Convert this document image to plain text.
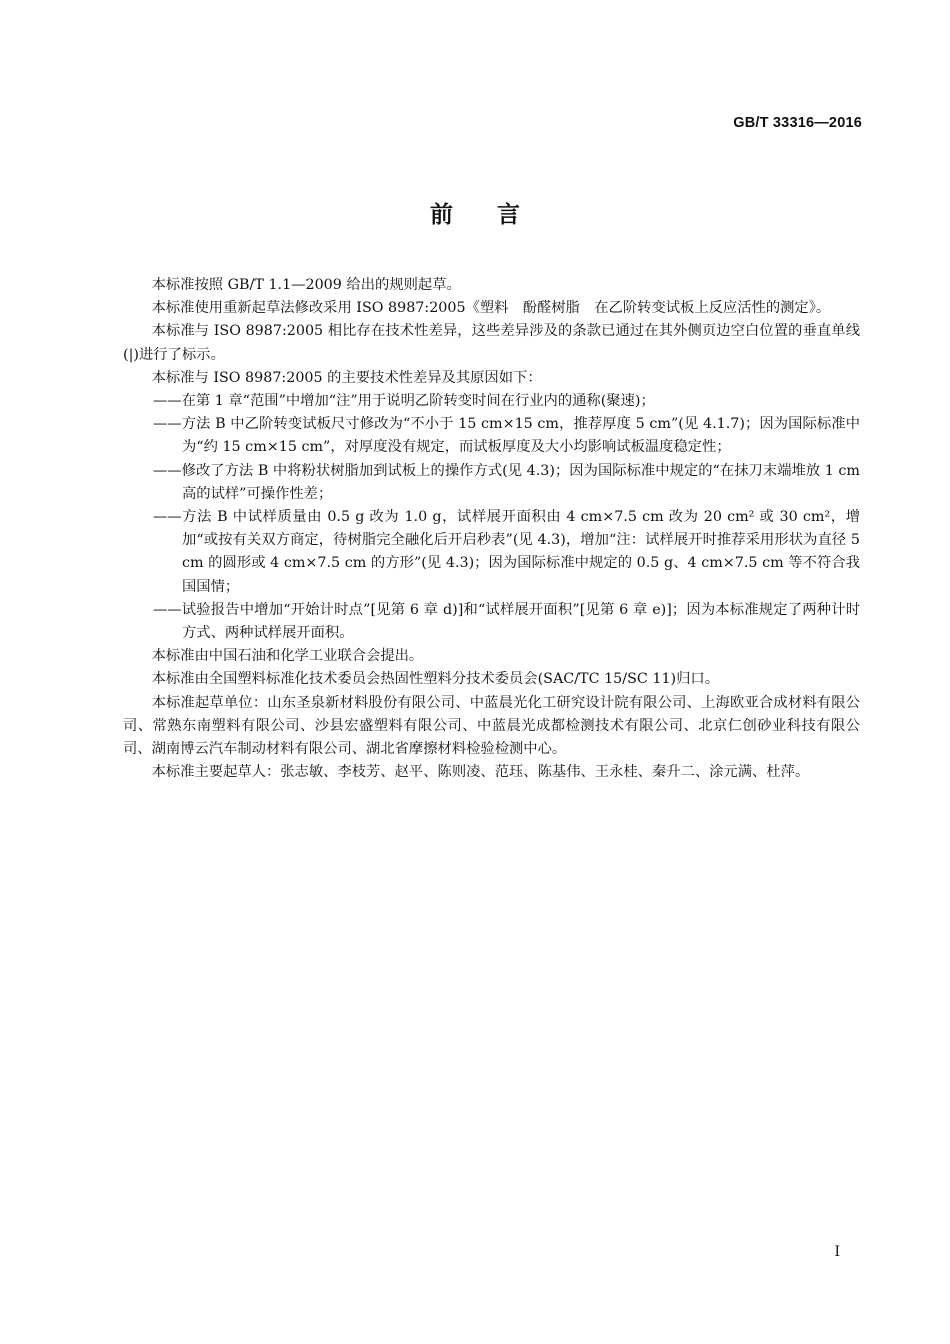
GB/T 33316—2016
前言

本标准按照 GB/T 1.1—2009 给出的规则起草。

本标准使用重新起草法修改采用 ISO 8987:2005《塑料　酚醛树脂　在乙阶转变试板上反应活性的测定》。

本标准与 ISO 8987:2005 相比存在技术性差异，这些差异涉及的条款已通过在其外侧页边空白位置的垂直单线(|)进行了标示。

本标准与 ISO 8987:2005 的主要技术性差异及其原因如下：

——在第 1 章“范围”中增加“注”用于说明乙阶转变时间在行业内的通称(聚速)；

——方法 B 中乙阶转变试板尺寸修改为“不小于 15 cm×15 cm，推荐厚度 5 cm”(见 4.1.7)；因为国际标准中为“约 15 cm×15 cm”，对厚度没有规定，而试板厚度及大小均影响试板温度稳定性；

——修改了方法 B 中将粉状树脂加到试板上的操作方式(见 4.3)；因为国际标准中规定的“在抹刀末端堆放 1 cm 高的试样”可操作性差；

——方法 B 中试样质量由 0.5 g 改为 1.0 g，试样展开面积由 4 cm×7.5 cm 改为 20 cm² 或 30 cm²，增加“或按有关双方商定，待树脂完全融化后开启秒表”(见 4.3)，增加“注：试样展开时推荐采用形状为直径 5 cm 的圆形或 4 cm×7.5 cm 的方形”(见 4.3)；因为国际标准中规定的 0.5 g、4 cm×7.5 cm 等不符合我国国情；

——试验报告中增加“开始计时点”[见第 6 章 d)]和“试样展开面积”[见第 6 章 e)]；因为本标准规定了两种计时方式、两种试样展开面积。

本标准由中国石油和化学工业联合会提出。

本标准由全国塑料标准化技术委员会热固性塑料分技术委员会(SAC/TC 15/SC 11)归口。

本标准起草单位：山东圣泉新材料股份有限公司、中蓝晨光化工研究设计院有限公司、上海欧亚合成材料有限公司、常熟东南塑料有限公司、沙县宏盛塑料有限公司、中蓝晨光成都检测技术有限公司、北京仁创砂业科技有限公司、湖南博云汽车制动材料有限公司、湖北省摩擦材料检验检测中心。

本标准主要起草人：张志敏、李枝芳、赵平、陈则凌、范珏、陈基伟、王永桂、秦升二、涂元满、杜萍。

I
